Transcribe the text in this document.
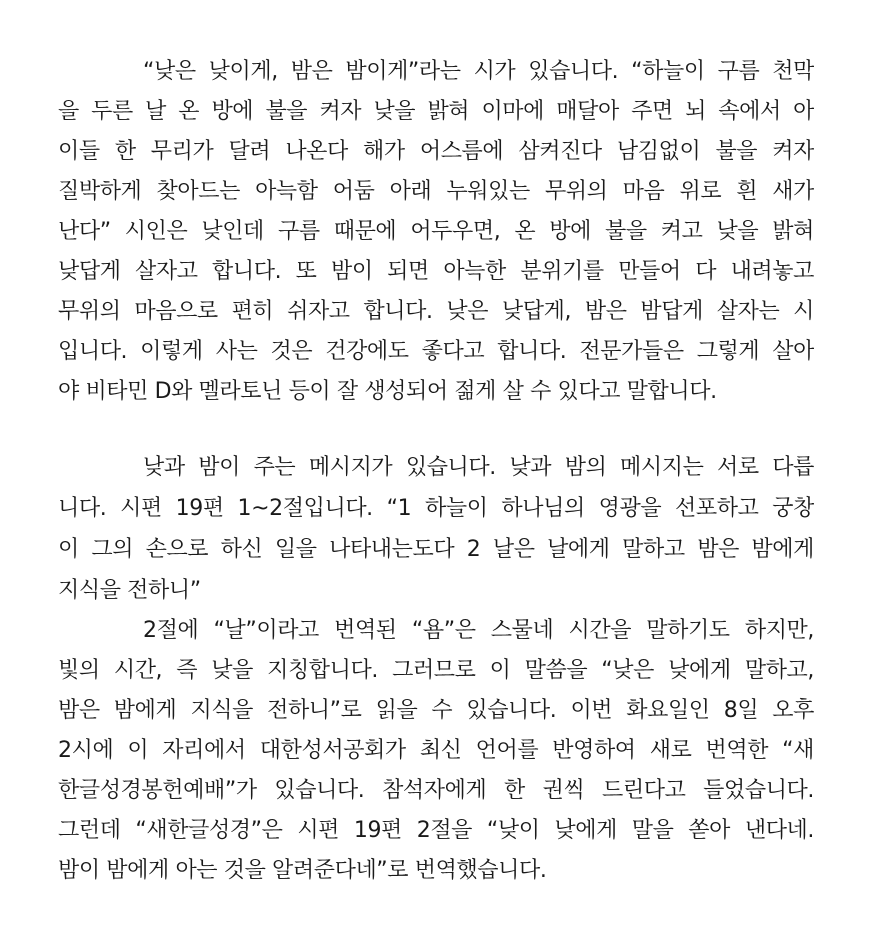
“낮은 낮이게, 밤은 밤이게”라는 시가 있습니다. “하늘이 구름 천막
을 두른 날 온 방에 불을 켜자 낮을 밝혀 이마에 매달아 주면 뇌 속에서 아
이들 한 무리가 달려 나온다 해가 어스름에 삼켜진다 남김없이 불을 켜자
질박하게 찾아드는 아늑함 어둠 아래 누워있는 무위의 마음 위로 흰 새가
난다” 시인은 낮인데 구름 때문에 어두우면, 온 방에 불을 켜고 낮을 밝혀
낮답게 살자고 합니다. 또 밤이 되면 아늑한 분위기를 만들어 다 내려놓고
무위의 마음으로 편히 쉬자고 합니다. 낮은 낮답게, 밤은 밤답게 살자는 시
입니다. 이렇게 사는 것은 건강에도 좋다고 합니다. 전문가들은 그렇게 살아
야 비타민 D와 멜라토닌 등이 잘 생성되어 젊게 살 수 있다고 말합니다.
낮과 밤이 주는 메시지가 있습니다. 낮과 밤의 메시지는 서로 다릅
니다. 시편 19편 1~2절입니다. “1 하늘이 하나님의 영광을 선포하고 궁창
이 그의 손으로 하신 일을 나타내는도다 2 날은 날에게 말하고 밤은 밤에게
지식을 전하니”
2절에 “날”이라고 번역된 “욤”은 스물네 시간을 말하기도 하지만,
빛의 시간, 즉 낮을 지칭합니다. 그러므로 이 말씀을 “낮은 낮에게 말하고,
밤은 밤에게 지식을 전하니”로 읽을 수 있습니다. 이번 화요일인 8일 오후
2시에 이 자리에서 대한성서공회가 최신 언어를 반영하여 새로 번역한 “새
한글성경봉헌예배”가 있습니다. 참석자에게 한 권씩 드린다고 들었습니다.
그런데 “새한글성경”은 시편 19편 2절을 “낮이 낮에게 말을 쏟아 낸다네.
밤이 밤에게 아는 것을 알려준다네”로 번역했습니다.
